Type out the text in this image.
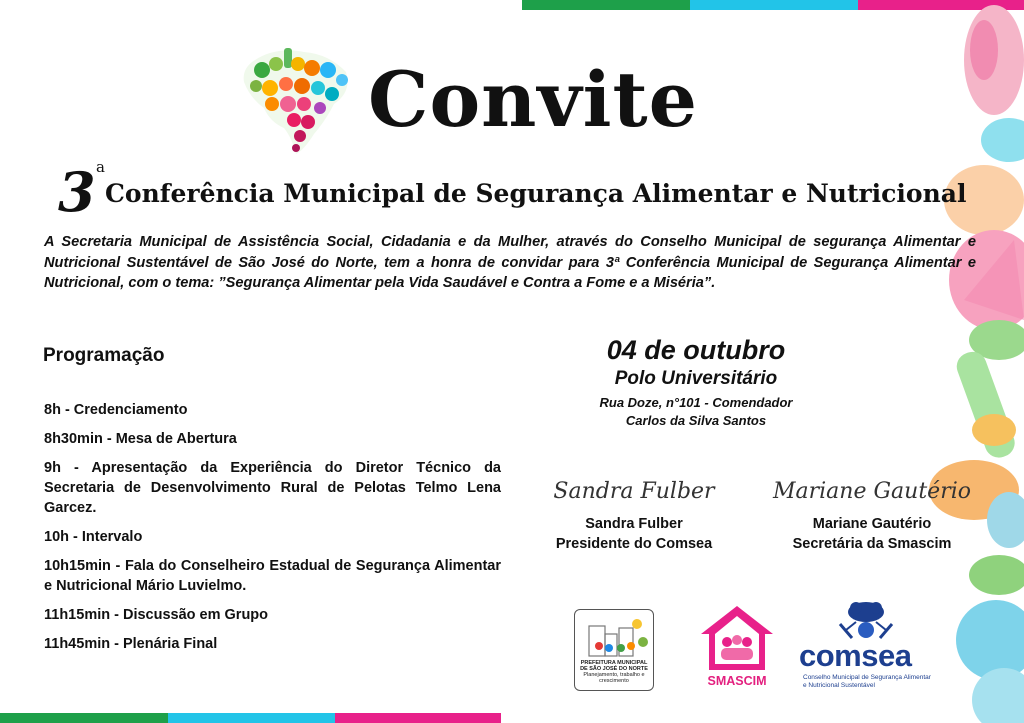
Convite
3 a
Conferência Municipal de Segurança Alimentar e Nutricional
A Secretaria Municipal de Assistência Social, Cidadania e da Mulher, através do Conselho Municipal de segurança Alimentar e Nutricional Sustentável de São José do Norte, tem a honra de convidar para 3ª Conferência Municipal de Segurança Alimentar e Nutricional, com o tema: ”Segurança Alimentar pela Vida Saudável e Contra a Fome e a Miséria”.
Programação
8h - Credenciamento
8h30min - Mesa de Abertura
9h - Apresentação da Experiência do Diretor Técnico da Secretaria de Desenvolvimento Rural de Pelotas Telmo Lena Garcez.
10h - Intervalo
10h15min - Fala do Conselheiro Estadual de Segurança Alimentar e Nutricional Mário Luvielmo.
11h15min - Discussão em Grupo
11h45min - Plenária Final
04 de outubro
Polo Universitário
Rua Doze, n°101 - Comendador
Carlos da Silva Santos
Sandra Fulber
Sandra Fulber
Presidente do Comsea
Mariane Gautério
Mariane Gautério
Secretária da Smascim
PREFEITURA MUNICIPAL
DE SÃO JOSÉ DO NORTE
Planejamento, trabalho e crescimento	SMASCIM
comsea
Conselho Municipal de Segurança Alimentar
e Nutricional Sustentável
